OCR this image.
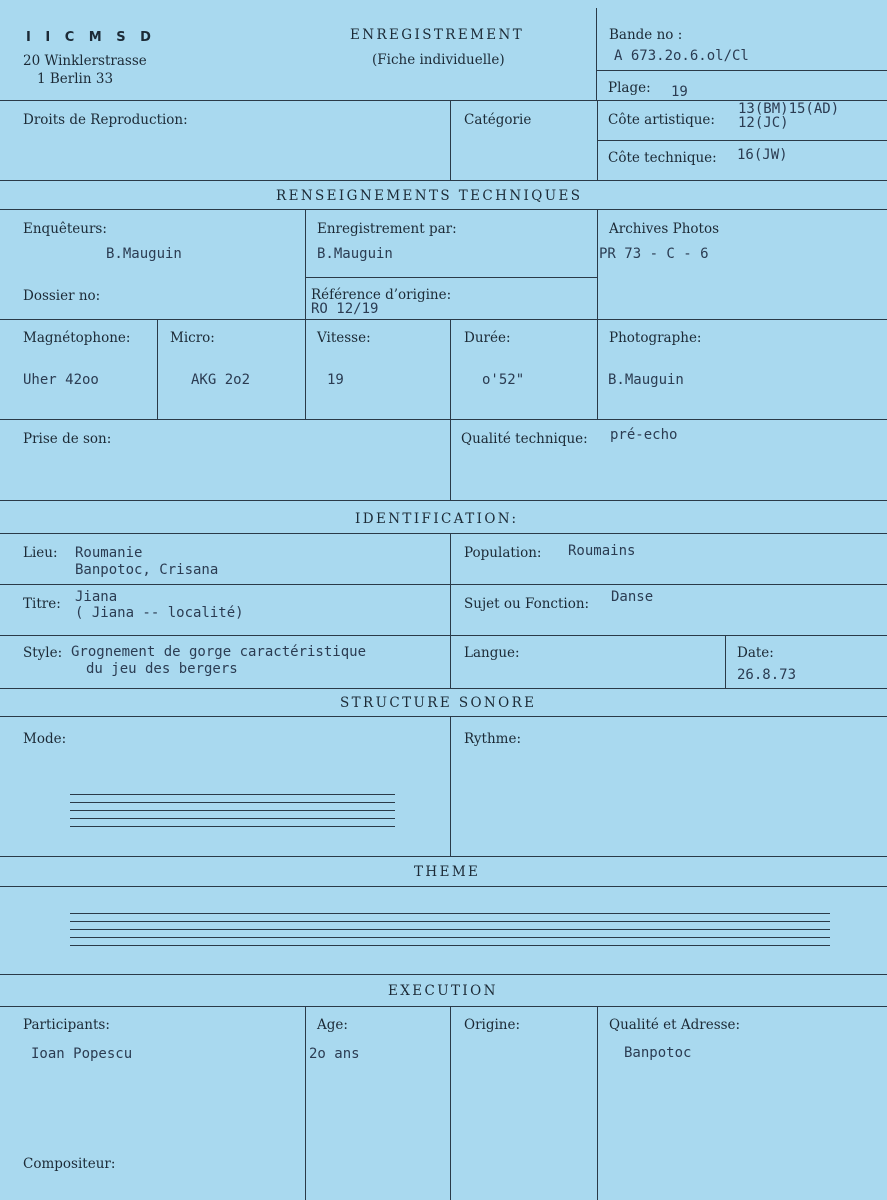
I I C M S D
20 Winklerstrasse
1 Berlin 33
ENREGISTREMENT
(Fiche individuelle)
Bande no :
A 673.2o.6.ol/Cl
Plage: 19
Droits de Reproduction:	Catégorie	Côte artistique:
13(BM)15(AD)
12(JC)
Côte technique: 16(JW)
RENSEIGNEMENTS TECHNIQUES
Enquêteurs:
B.Mauguin
Enregistrement par:
B.Mauguin
Archives Photos
PR 73 - C - 6
Dossier no:	Référence d’origine:
RO 12/19
Magnétophone:
Uher 42oo
Micro:
AKG 2o2
Vitesse:
19
Durée:
o'52"
Photographe:
B.Mauguin
Prise de son:	Qualité technique: pré-echo
IDENTIFICATION:
Lieu: Roumanie
Banpotoc, Crisana
Population: Roumains
Titre: Jiana
( Jiana -- localité)
Sujet ou Fonction: Danse
Style: Grognement de gorge caractéristique
du jeu des bergers
Langue:	Date:
26.8.73
STRUCTURE SONORE
Mode:	Rythme:
THEME
EXECUTION
Participants:
Ioan Popescu
Age:
2o ans
Origine:	Qualité et Adresse:
Banpotoc
Compositeur:
